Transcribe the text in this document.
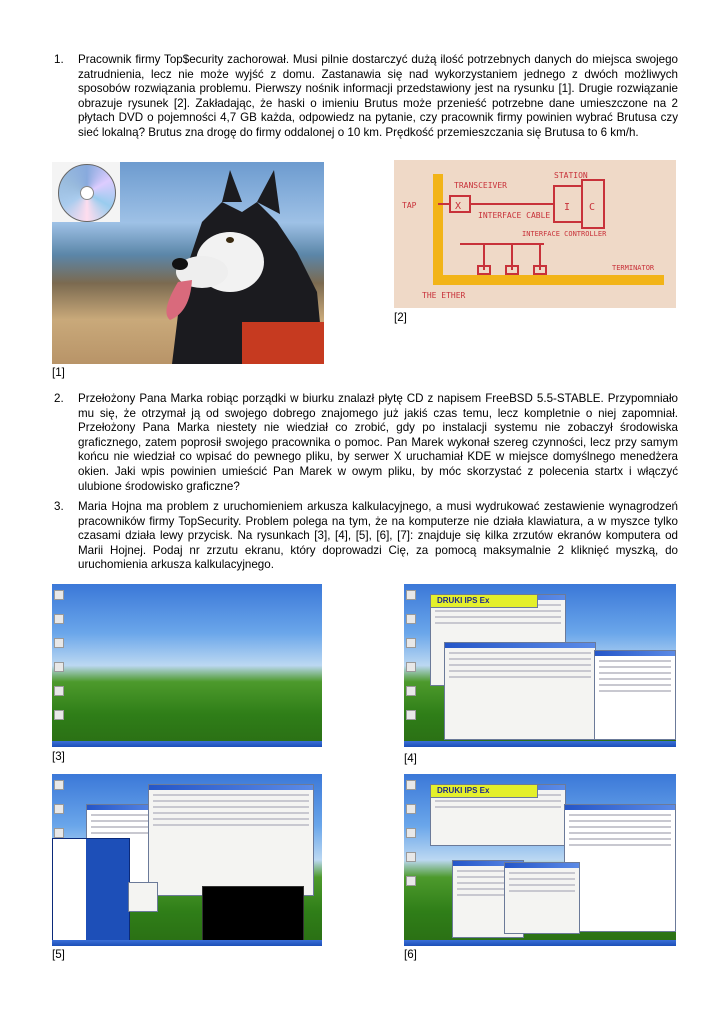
1. Pracownik firmy Top$ecurity zachorował. Musi pilnie dostarczyć dużą ilość potrzebnych danych do miejsca swojego zatrudnienia, lecz nie może wyjść z domu. Zastanawia się nad wykorzystaniem jednego z dwóch możliwych sposobów rozwiązania problemu. Pierwszy nośnik informacji przedstawiony jest na rysunku [1]. Drugie rozwiązanie obrazuje rysunek [2]. Zakładając, że haski o imieniu Brutus może przenieść potrzebne dane umieszczone na 2 płytach DVD o pojemności 4,7 GB każda, odpowiedz na pytanie, czy pracownik firmy powinien wybrać Brutusa czy sieć lokalną? Brutus zna drogę do firmy oddalonej o 10 km. Prędkość przemieszczania się Brutusa to 6 km/h.
[1]
STATION
TRANSCEIVER
TAP	X
INTERFACE CABLE
I C
INTERFACE CONTROLLER
TERMINATOR
THE ETHER
[2]
2. Przełożony Pana Marka robiąc porządki w biurku znalazł płytę CD z napisem FreeBSD 5.5-STABLE. Przypomniało mu się, że otrzymał ją od swojego dobrego znajomego już jakiś czas temu, lecz kompletnie o niej zapomniał. Przełożony Pana Marka niestety nie wiedział co zrobić, gdy po instalacji systemu nie zobaczył środowiska graficznego, zatem poprosił swojego pracownika o pomoc. Pan Marek wykonał szereg czynności, lecz przy samym końcu nie wiedział co wpisać do pewnego pliku, by serwer X uruchamiał KDE w miejsce domyślnego menedżera okien. Jaki wpis powinien umieścić Pan Marek w owym pliku, by móc skorzystać z polecenia startx i włączyć ulubione środowisko graficzne?
3. Maria Hojna ma problem z uruchomieniem arkusza kalkulacyjnego, a musi wydrukować zestawienie wynagrodzeń pracowników firmy TopSecurity. Problem polega na tym, że na komputerze nie działa klawiatura, a w myszce tylko czasami działa lewy przycisk. Na rysunkach [3], [4], [5], [6], [7]: znajduje się kilka zrzutów ekranów komputera od Marii Hojnej. Podaj nr zrzutu ekranu, który doprowadzi Cię, za pomocą maksymalnie 2 kliknięć myszką, do uruchomienia arkusza kalkulacyjnego.
[3]
DRUKI IPS Ex
[4]
[5]
DRUKI IPS Ex
[6]
